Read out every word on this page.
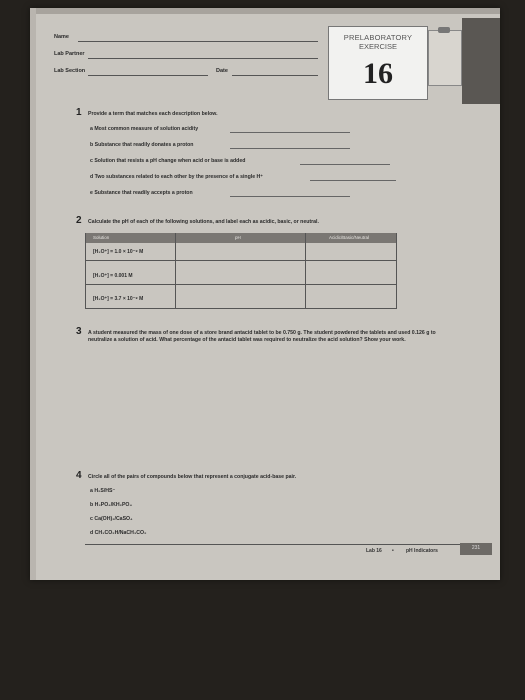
Name
Lab Partner
Lab Section	Date
PRELABORATORY
EXERCISE
16
1 Provide a term that matches each description below.
a Most common measure of solution acidity
b Substance that readily donates a proton
c Solution that resists a pH change when acid or base is added
d Two substances related to each other by the presence of a single H⁺
e Substance that readily accepts a proton
2 Calculate the pH of each of the following solutions, and label each as acidic, basic, or neutral.
Solution	pH	Acidic/Basic/Neutral
[H₃O⁺] = 1.0 × 10⁻⁸ M
[H₃O⁺] = 0.001 M
[H₃O⁺] = 3.7 × 10⁻⁸ M
3 A student measured the mass of one dose of a store brand antacid tablet to be 0.750 g. The student powdered the tablets and used 0.126 g to neutralize a solution of acid. What percentage of the antacid tablet was required to neutralize the acid solution? Show your work.
4 Circle all of the pairs of compounds below that represent a conjugate acid-base pair.
a H₂S/HS⁻
b H₃PO₄/KH₂PO₄
c Ca(OH)₂/CaSO₄
d CH₃CO₂H/NaCH₃CO₂
Lab 16 • pH Indicators	231
